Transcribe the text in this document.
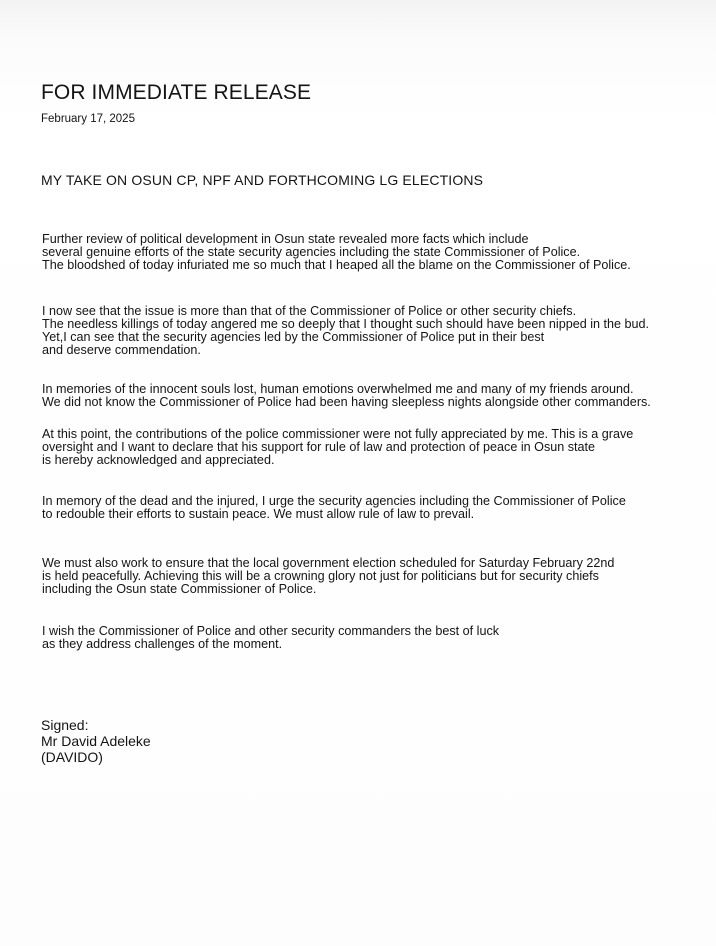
FOR IMMEDIATE RELEASE
February 17, 2025
MY TAKE ON OSUN CP, NPF AND FORTHCOMING LG ELECTIONS
Further review of political development in Osun state revealed more facts which include
several genuine efforts of the state security agencies including the state Commissioner of Police.
The bloodshed of today infuriated me so much that I heaped all the blame on the Commissioner of Police.
I now see that the issue is more than that of the Commissioner of Police or other security chiefs.
The needless killings of today angered me so deeply that I thought such should have been nipped in the bud.
Yet,I can see that the security agencies led by the Commissioner of Police put in their best
and deserve commendation.
In memories of the innocent souls lost, human emotions overwhelmed me and many of my friends around.
We did not know the Commissioner of Police had been having sleepless nights alongside other commanders.
At this point, the contributions of the police commissioner were not fully appreciated by me. This is a grave
oversight and I want to declare that his support for rule of law and protection of peace in Osun state
is hereby acknowledged and appreciated.
In memory of the dead and the injured, I urge the security agencies including the Commissioner of Police
to redouble their efforts to sustain peace. We must allow rule of law to prevail.
We must also work to ensure that the local government election scheduled for Saturday February 22nd
is held peacefully. Achieving this will be a crowning glory not just for politicians but for security chiefs
including the Osun state Commissioner of Police.
I wish the Commissioner of Police and other security commanders the best of luck
as they address challenges of the moment.
Signed:
Mr David Adeleke
(DAVIDO)
